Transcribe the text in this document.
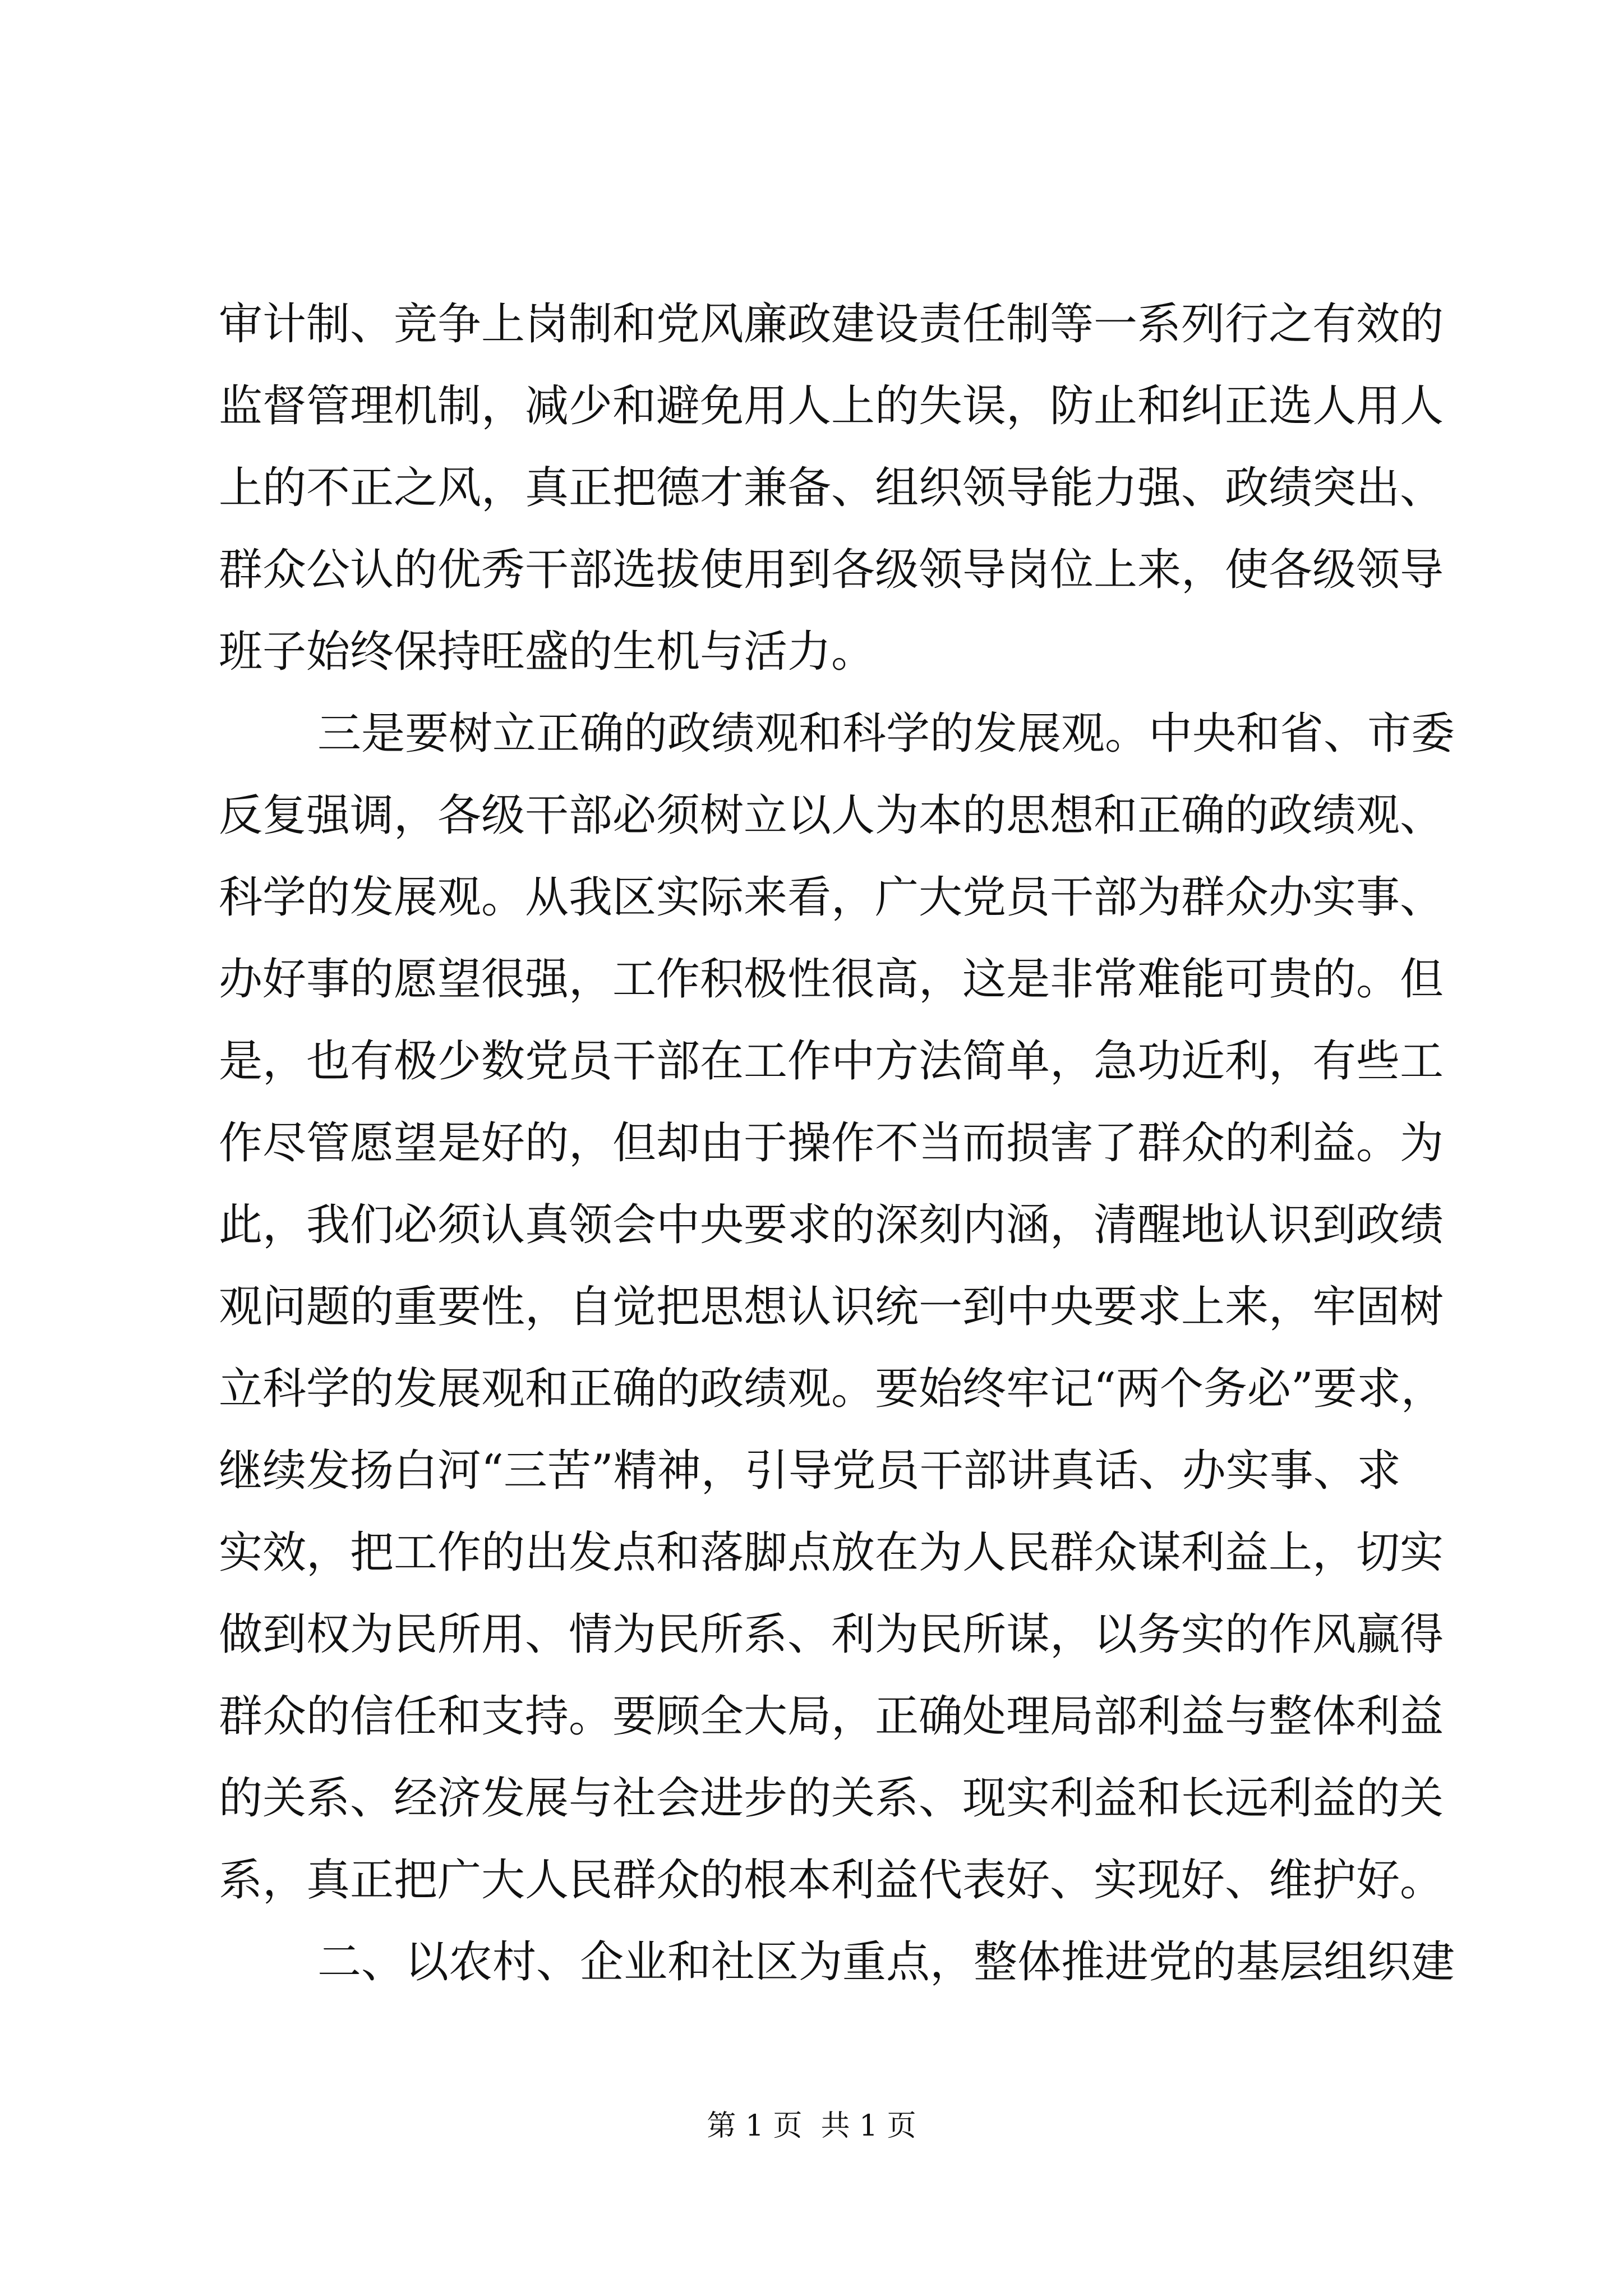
审计制、竞争上岗制和党风廉政建设责任制等一系列行之有效的
监督管理机制，减少和避免用人上的失误，防止和纠正选人用人
上的不正之风，真正把德才兼备、组织领导能力强、政绩突出、
群众公认的优秀干部选拔使用到各级领导岗位上来，使各级领导
班子始终保持旺盛的生机与活力。
三是要树立正确的政绩观和科学的发展观。中央和省、市委
反复强调，各级干部必须树立以人为本的思想和正确的政绩观、
科学的发展观。从我区实际来看，广大党员干部为群众办实事、
办好事的愿望很强，工作积极性很高，这是非常难能可贵的。但
是，也有极少数党员干部在工作中方法简单，急功近利，有些工
作尽管愿望是好的，但却由于操作不当而损害了群众的利益。为
此，我们必须认真领会中央要求的深刻内涵，清醒地认识到政绩
观问题的重要性，自觉把思想认识统一到中央要求上来，牢固树
立科学的发展观和正确的政绩观。要始终牢记“两个务必”要求，
继续发扬白河“三苦”精神，引导党员干部讲真话、办实事、求
实效，把工作的出发点和落脚点放在为人民群众谋利益上，切实
做到权为民所用、情为民所系、利为民所谋，以务实的作风赢得
群众的信任和支持。要顾全大局，正确处理局部利益与整体利益
的关系、经济发展与社会进步的关系、现实利益和长远利益的关
系，真正把广大人民群众的根本利益代表好、实现好、维护好。
二、以农村、企业和社区为重点，整体推进党的基层组织建
第 1 页  共 1 页
